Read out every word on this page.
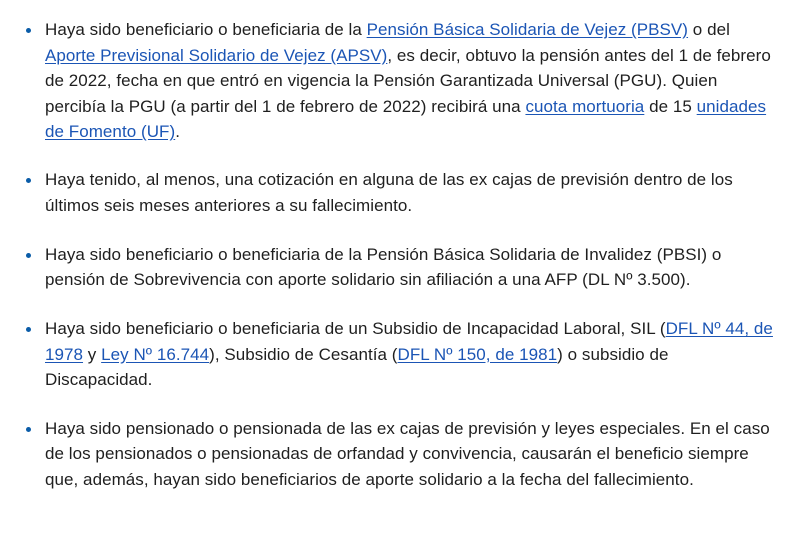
Haya sido beneficiario o beneficiaria de la Pensión Básica Solidaria de Vejez (PBSV) o del Aporte Previsional Solidario de Vejez (APSV), es decir, obtuvo la pensión antes del 1 de febrero de 2022, fecha en que entró en vigencia la Pensión Garantizada Universal (PGU). Quien percibía la PGU (a partir del 1 de febrero de 2022) recibirá una cuota mortuoria de 15 unidades de Fomento (UF).
Haya tenido, al menos, una cotización en alguna de las ex cajas de previsión dentro de los últimos seis meses anteriores a su fallecimiento.
Haya sido beneficiario o beneficiaria de la Pensión Básica Solidaria de Invalidez (PBSI) o pensión de Sobrevivencia con aporte solidario sin afiliación a una AFP (DL Nº 3.500).
Haya sido beneficiario o beneficiaria de un Subsidio de Incapacidad Laboral, SIL (DFL Nº 44, de 1978 y Ley Nº 16.744), Subsidio de Cesantía (DFL Nº 150, de 1981) o subsidio de Discapacidad.
Haya sido pensionado o pensionada de las ex cajas de previsión y leyes especiales. En el caso de los pensionados o pensionadas de orfandad y convivencia, causarán el beneficio siempre que, además, hayan sido beneficiarios de aporte solidario a la fecha del fallecimiento.
